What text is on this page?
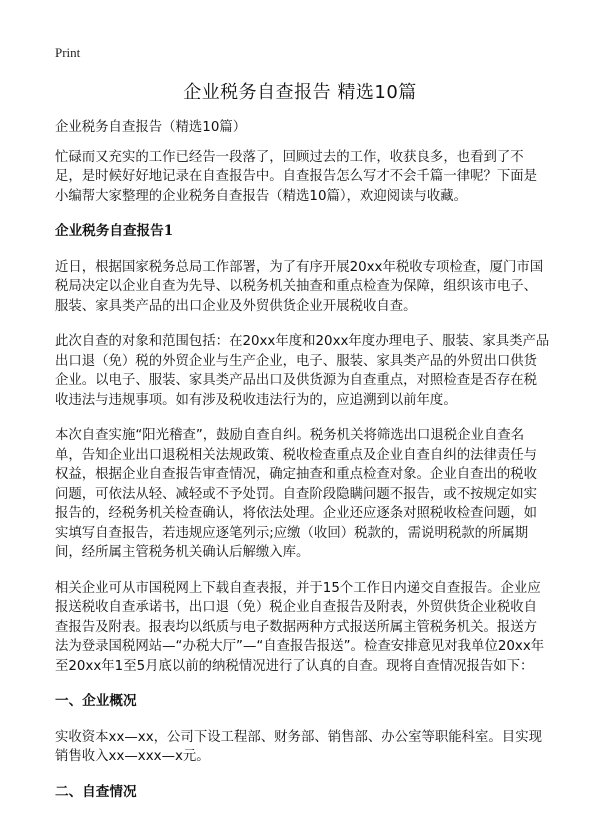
Print
企业税务自查报告 精选10篇

企业税务自查报告（精选10篇）

忙碌而又充实的工作已经告一段落了，回顾过去的工作，收获良多，也看到了不足，是时候好好地记录在自查报告中。自查报告怎么写才不会千篇一律呢？下面是小编帮大家整理的企业税务自查报告（精选10篇），欢迎阅读与收藏。

企业税务自查报告1

近日，根据国家税务总局工作部署，为了有序开展20xx年税收专项检查，厦门市国税局决定以企业自查为先导、以税务机关抽查和重点检查为保障，组织该市电子、服装、家具类产品的出口企业及外贸供货企业开展税收自查。

此次自查的对象和范围包括：在20xx年度和20xx年度办理电子、服装、家具类产品出口退（免）税的外贸企业与生产企业，电子、服装、家具类产品的外贸出口供货企业。以电子、服装、家具类产品出口及供货源为自查重点，对照检查是否存在税收违法与违规事项。如有涉及税收违法行为的，应追溯到以前年度。

本次自查实施“阳光稽查”，鼓励自查自纠。税务机关将筛选出口退税企业自查名单，告知企业出口退税相关法规政策、税收检查重点及企业自查自纠的法律责任与权益，根据企业自查报告审查情况，确定抽查和重点检查对象。企业自查出的税收问题，可依法从轻、减轻或不予处罚。自查阶段隐瞒问题不报告，或不按规定如实报告的，经税务机关检查确认，将依法处理。企业还应逐条对照税收检查问题，如实填写自查报告，若违规应逐笔列示;应缴（收回）税款的，需说明税款的所属期间，经所属主管税务机关确认后解缴入库。

相关企业可从市国税网上下载自查表报，并于15个工作日内递交自查报告。企业应报送税收自查承诺书，出口退（免）税企业自查报告及附表，外贸供货企业税收自查报告及附表。报表均以纸质与电子数据两种方式报送所属主管税务机关。报送方法为登录国税网站—“办税大厅”—“自查报告报送”。检查安排意见对我单位20xx年至20xx年1至5月底以前的纳税情况进行了认真的自查。现将自查情况报告如下：

一、企业概况

实收资本xx—xx，公司下设工程部、财务部、销售部、办公室等职能科室。目实现销售收入xx—xxx—x元。

二、自查情况
